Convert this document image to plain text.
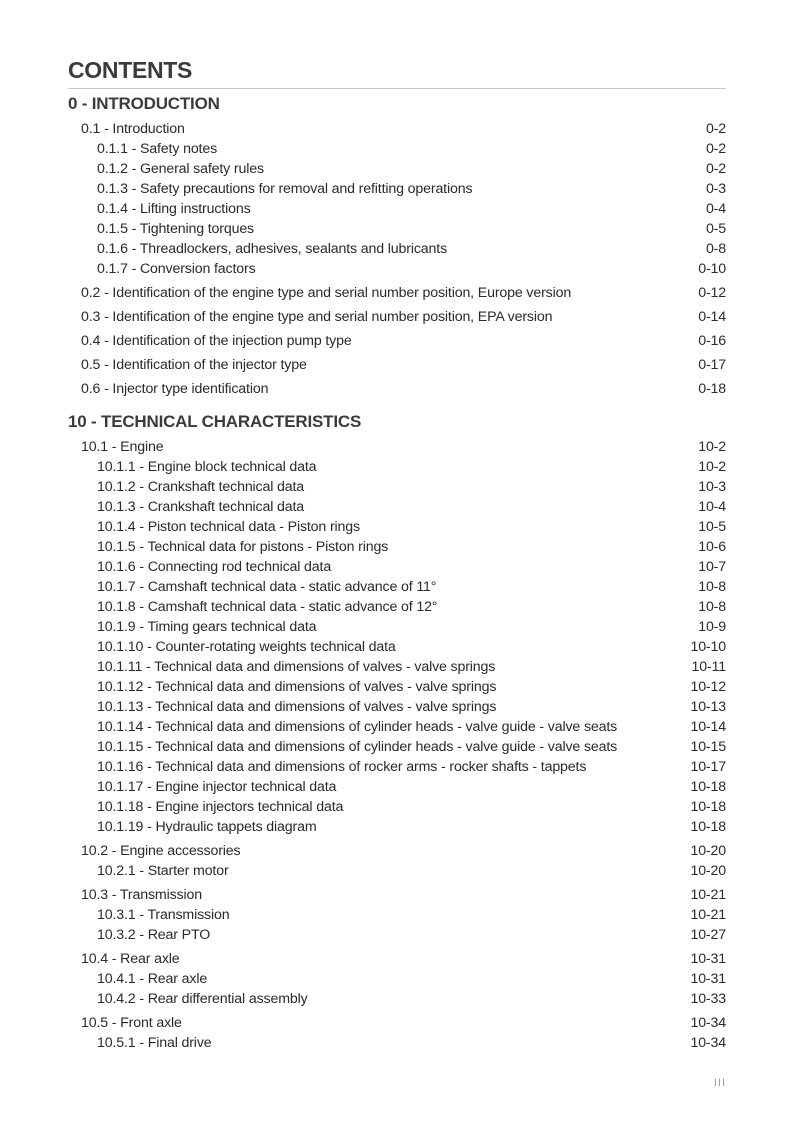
CONTENTS
0 - INTRODUCTION
0.1 - Introduction	0-2
0.1.1 - Safety notes	0-2
0.1.2 - General safety rules	0-2
0.1.3 - Safety precautions for removal and refitting operations	0-3
0.1.4 - Lifting instructions	0-4
0.1.5 - Tightening torques	0-5
0.1.6 - Threadlockers, adhesives, sealants and lubricants	0-8
0.1.7 - Conversion factors	0-10
0.2 - Identification of the engine type and serial number position, Europe version	0-12
0.3 - Identification of the engine type and serial number position, EPA version	0-14
0.4 - Identification of the injection pump type	0-16
0.5 - Identification of the injector type	0-17
0.6 - Injector type identification	0-18
10 - TECHNICAL CHARACTERISTICS
10.1 - Engine	10-2
10.1.1 - Engine block technical data	10-2
10.1.2 - Crankshaft technical data	10-3
10.1.3 - Crankshaft technical data	10-4
10.1.4 - Piston technical data - Piston rings	10-5
10.1.5 - Technical data for pistons - Piston rings	10-6
10.1.6 - Connecting rod technical data	10-7
10.1.7 - Camshaft technical data - static advance of 11°	10-8
10.1.8 - Camshaft technical data - static advance of 12°	10-8
10.1.9 - Timing gears technical data	10-9
10.1.10 - Counter-rotating weights technical data	10-10
10.1.11 - Technical data and dimensions of valves - valve springs	10-11
10.1.12 - Technical data and dimensions of valves - valve springs	10-12
10.1.13 - Technical data and dimensions of valves - valve springs	10-13
10.1.14 - Technical data and dimensions of cylinder heads - valve guide - valve seats	10-14
10.1.15 - Technical data and dimensions of cylinder heads - valve guide - valve seats	10-15
10.1.16 - Technical data and dimensions of rocker arms - rocker shafts - tappets	10-17
10.1.17 - Engine injector technical data	10-18
10.1.18 - Engine injectors technical data	10-18
10.1.19 - Hydraulic tappets diagram	10-18
10.2 - Engine accessories	10-20
10.2.1 - Starter motor	10-20
10.3 - Transmission	10-21
10.3.1 - Transmission	10-21
10.3.2 - Rear PTO	10-27
10.4 - Rear axle	10-31
10.4.1 - Rear axle	10-31
10.4.2 - Rear differential assembly	10-33
10.5 - Front axle	10-34
10.5.1 - Final drive	10-34
III
